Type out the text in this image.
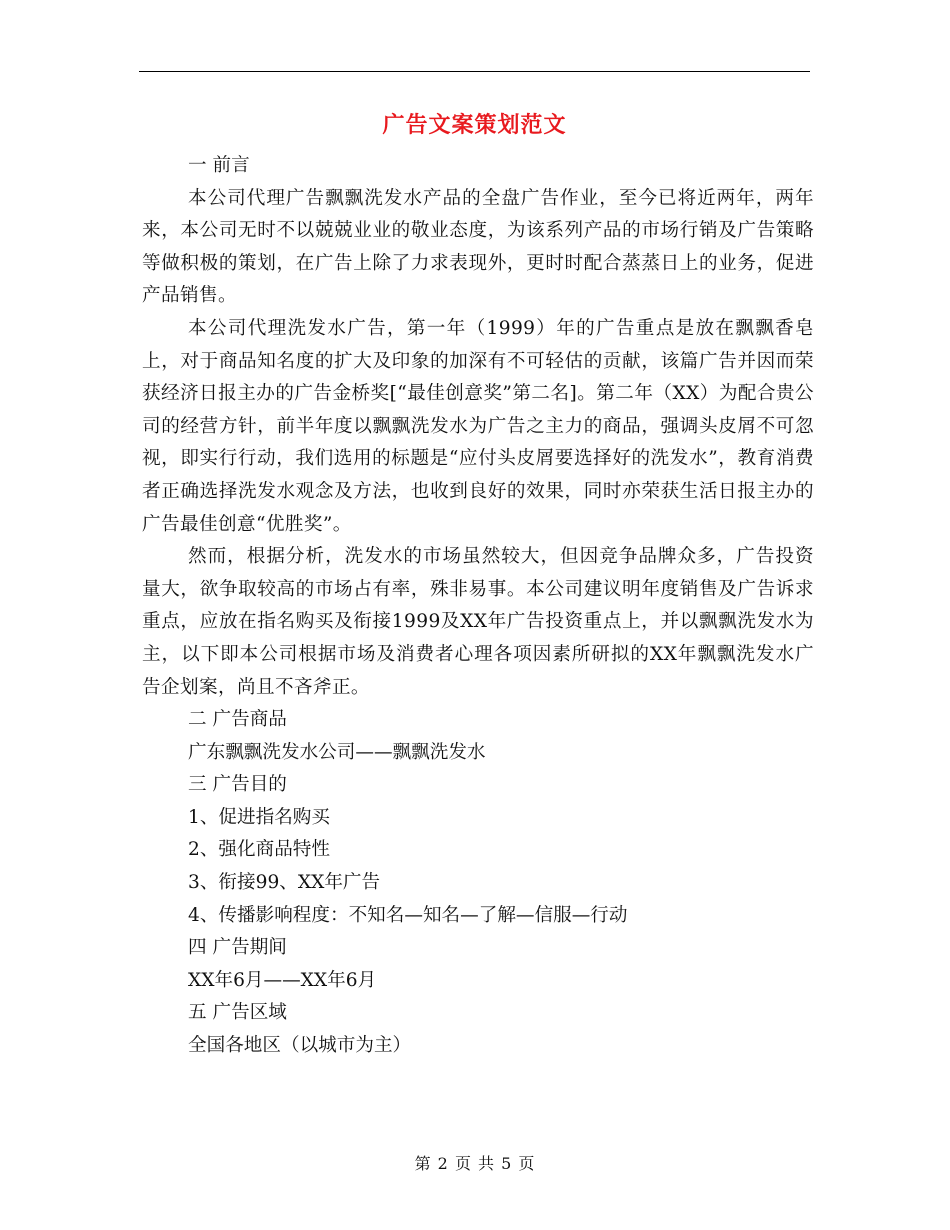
广告文案策划范文

一 前言

本公司代理广告飘飘洗发水产品的全盘广告作业，至今已将近两年，两年来，本公司无时不以兢兢业业的敬业态度，为该系列产品的市场行销及广告策略等做积极的策划，在广告上除了力求表现外，更时时配合蒸蒸日上的业务，促进产品销售。

本公司代理洗发水广告，第一年（1999）年的广告重点是放在飘飘香皂上，对于商品知名度的扩大及印象的加深有不可轻估的贡献，该篇广告并因而荣获经济日报主办的广告金桥奖[“最佳创意奖”第二名]。第二年（XX）为配合贵公司的经营方针，前半年度以飘飘洗发水为广告之主力的商品，强调头皮屑不可忽视，即实行行动，我们选用的标题是“应付头皮屑要选择好的洗发水”，教育消费者正确选择洗发水观念及方法，也收到良好的效果，同时亦荣获生活日报主办的广告最佳创意“优胜奖”。

然而，根据分析，洗发水的市场虽然较大，但因竞争品牌众多，广告投资量大，欲争取较高的市场占有率，殊非易事。本公司建议明年度销售及广告诉求重点，应放在指名购买及衔接1999及XX年广告投资重点上，并以飘飘洗发水为主，以下即本公司根据市场及消费者心理各项因素所研拟的XX年飘飘洗发水广告企划案，尚且不吝斧正。

二 广告商品

广东飘飘洗发水公司——飘飘洗发水

三 广告目的

1、促进指名购买

2、强化商品特性

3、衔接99、XX年广告

4、传播影响程度：不知名—知名—了解—信服—行动

四 广告期间

XX年6月——XX年6月

五 广告区域

全国各地区（以城市为主）

第 2 页 共 5 页
